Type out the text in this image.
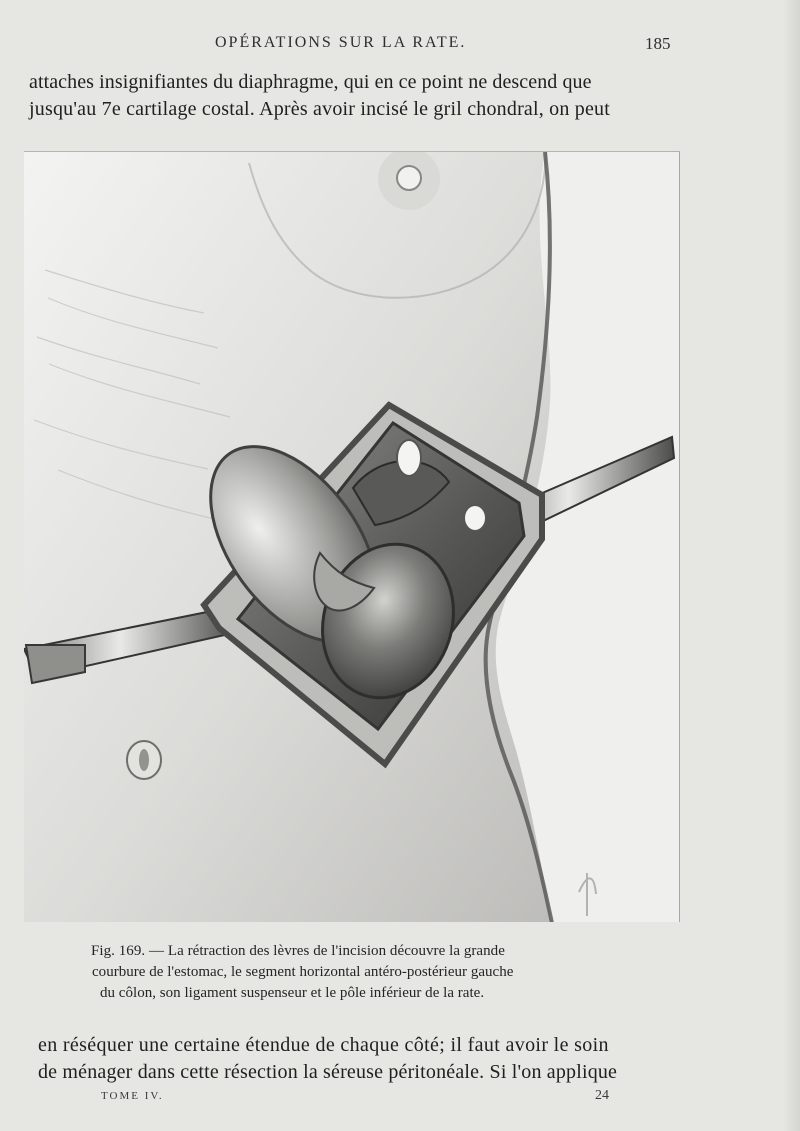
OPÉRATIONS SUR LA RATE.	185
attaches insignifiantes du diaphragme, qui en ce point ne descend que
jusqu'au 7e cartilage costal. Après avoir incisé le gril chondral, on peut
Fig. 169. — La rétraction des lèvres de l'incision découvre la grande
courbure de l'estomac, le segment horizontal antéro-postérieur gauche
du côlon, son ligament suspenseur et le pôle inférieur de la rate.
en réséquer une certaine étendue de chaque côté; il faut avoir le soin
de ménager dans cette résection la séreuse péritonéale. Si l'on applique
TOME IV.	24
